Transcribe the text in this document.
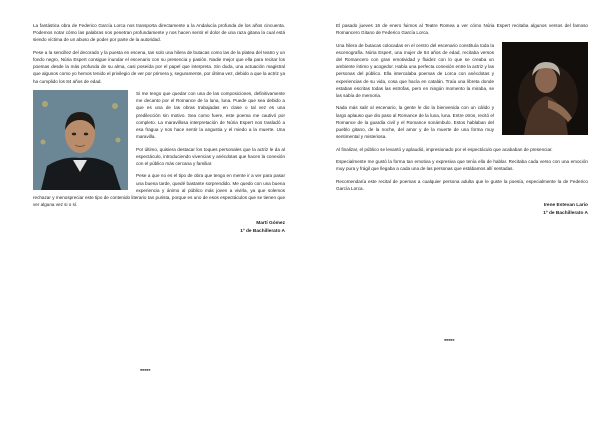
La fantástica obra de Federico García Lorca nos transporta directamente a la Andalucía profunda de los años cincuenta. Podemos notar cómo las palabras nos penetran profundamente y nos hacen sentir el dolor de una raza gitana la cual está siendo víctima de un abuso de poder por parte de la autoridad.

Pese a la sencillez del decorado y la puesta en escena, tan solo una hilera de butacas como las de la platea del teatro y un fondo negro, Núria Espert consigue inundar el escenario con su presencia y pasión. Nadie mejor que ella para recitar los poemas desde la más profunda de su alma, casi poseída por el papel que interpreta. Sin duda, una actuación magistral que algunos como yo hemos tenido el privilegio de ver por primera y, seguramente, por última vez, debido a que la actriz ya ha cumplido los 84 años de edad.

Si me tengo que quedar con una de las composiciones, definitivamente me decanto por el Romance de la luna, luna. Puede que sea debido a que es una de las obras trabajadas en clase o tal vez es una predilección sin motivo. Sea como fuere, este poema me cautivó por completo. La maravillosa interpretación de Núria Espert nos trasladó a esa fragua y nos hace sentir la angustia y el miedo a la muerte. Una maravilla.

Por último, quisiera destacar los toques personales que la actriz le da al espectáculo, introduciendo vivencias y anécdotas que hacen la conexión con el público más cercana y familiar.

Pese a que no es el tipo de obra que tengo en mente ir a ver para pasar una buena tarde, quedé bastante sorprendido. Me quedo con una buena experiencia y ánimo al público más joven a vivirla, ya que solemos rechazar y menospreciar este tipo de contenido literario tan purista, porque es uno de esos espectáculos que se tienen que ver alguna vez si o sí.

Martí Gómez
1º de Bachillerato A
■■■■■

El pasado jueves 16 de enero fuimos al Teatre Romea a ver cómo Núria Espert recitaba algunos versos del famoso Romancero Gitano de Federico García Lorca.

Una hilera de butacas colocadas en el centro del escenario constituía toda la escenografía. Núria Espert, una mujer de 84 años de edad, recitaba versos del Romancero con gran emotividad y fluidez con lo que se creaba un ambiente íntimo y acogedor. Había una perfecta conexión entre la actriz y las personas del público. Ella intercalaba poemas de Lorca con anécdotas y experiencias de su vida, cosa que hacía en catalán. Traía una libreta donde estaban escritas todas las estrofas, pero en ningún momento la miraba, se las sabía de memoria.

Nada más salir al escenario, la gente le dio la bienvenida con un cálido y largo aplauso que dio paso al Romance de la luna, luna. Entre otros, recitó el Romance de la guardia civil y el Romance sonámbulo. Estos hablaban del pueblo gitano, de la noche, del amor y de la muerte de una forma muy sentimental y misteriosa.

Al finalizar, el público se levantó y aplaudió, impresionado por el espectáculo que acababan de presenciar.

Especialmente me gustó la forma tan emotiva y expresiva que tenía ella de hablar. Recitaba cada verso con una emoción muy pura y frágil que llegaba a cada una de las personas que estábamos allí sentadas.

Recomendaría este recital de poemas a cualquier persona adulta que le guste la poesía, especialmente la de Federico García Lorca.

Irene Estevan Lario
1º de Bachillerato A
■■■■■
